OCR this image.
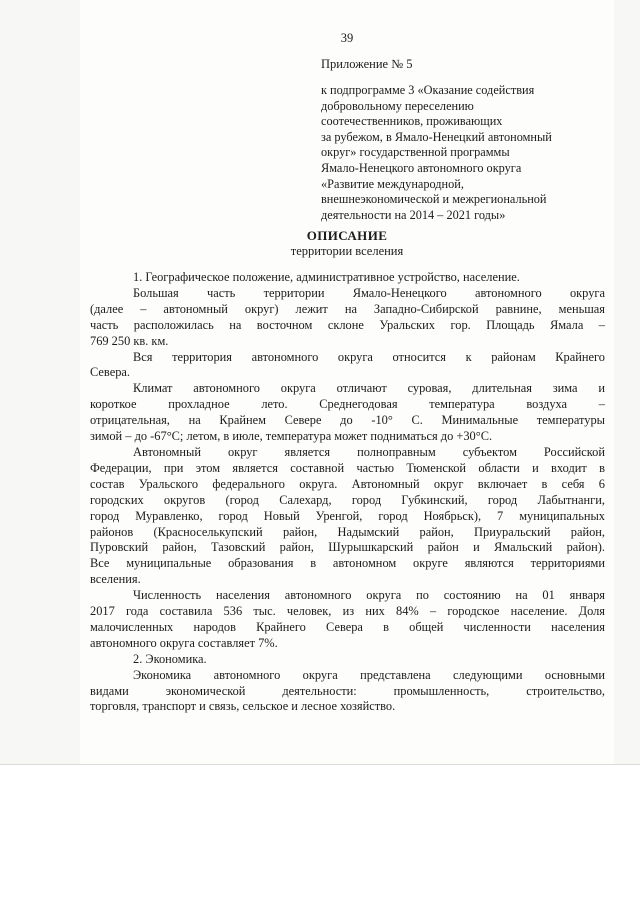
39
Приложение № 5
к подпрограмме 3 «Оказание содействия
добровольному переселению
соотечественников, проживающих
за рубежом, в Ямало-Ненецкий автономный
округ» государственной программы
Ямало-Ненецкого автономного округа
«Развитие международной,
внешнеэкономической и межрегиональной
деятельности на 2014 – 2021 годы»
ОПИСАНИЕ
территории вселения
1. Географическое положение, административное устройство, население.
Большая часть территории Ямало-Ненецкого автономного округа
(далее – автономный округ) лежит на Западно-Сибирской равнине, меньшая
часть расположилась на восточном склоне Уральских гор. Площадь Ямала –
769 250 кв. км.
Вся территория автономного округа относится к районам Крайнего
Севера.
Климат автономного округа отличают суровая, длительная зима и
короткое прохладное лето. Среднегодовая температура воздуха –
отрицательная, на Крайнем Севере до -10° С. Минимальные температуры
зимой – до -67°С; летом, в июле, температура может подниматься до +30°С.
Автономный округ является полноправным субъектом Российской
Федерации, при этом является составной частью Тюменской области и входит в
состав Уральского федерального округа. Автономный округ включает в себя 6
городских округов (город Салехард, город Губкинский, город Лабытнанги,
город Муравленко, город Новый Уренгой, город Ноябрьск), 7 муниципальных
районов (Красноселькупский район, Надымский район, Приуральский район,
Пуровский район, Тазовский район, Шурышкарский район и Ямальский район).
Все муниципальные образования в автономном округе являются территориями
вселения.
Численность населения автономного округа по состоянию на 01 января
2017 года составила 536 тыс. человек, из них 84% – городское население. Доля
малочисленных народов Крайнего Севера в общей численности населения
автономного округа составляет 7%.
2. Экономика.
Экономика автономного округа представлена следующими основными
видами экономической деятельности: промышленность, строительство,
торговля, транспорт и связь, сельское и лесное хозяйство.
